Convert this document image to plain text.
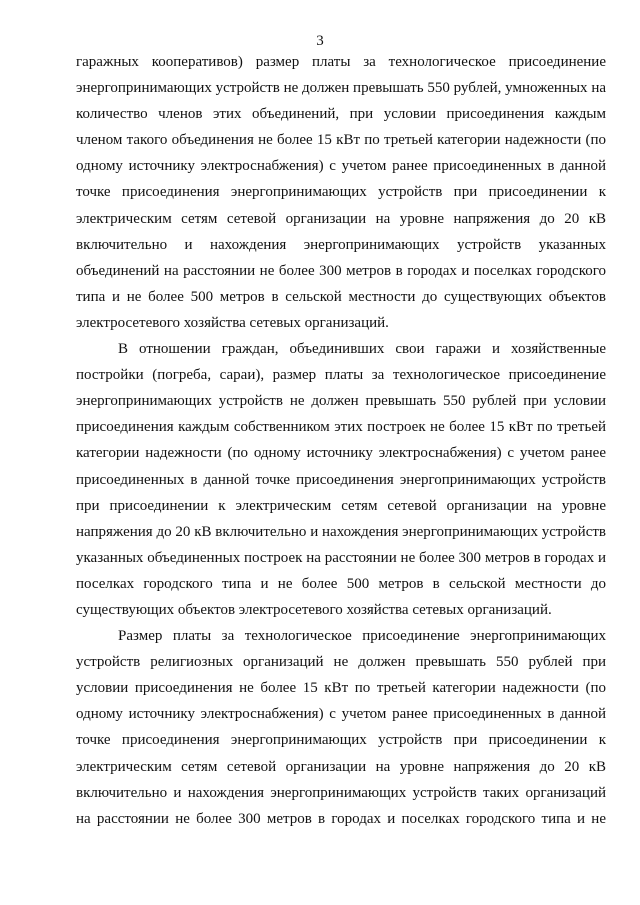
3

гаражных кооперативов) размер платы за технологическое присоединение энергопринимающих устройств не должен превышать 550 рублей, умноженных на количество членов этих объединений, при условии присоединения каждым членом такого объединения не более 15 кВт по третьей категории надежности (по одному источнику электроснабжения) с учетом ранее присоединенных в данной точке присоединения энергопринимающих устройств при присоединении к электрическим сетям сетевой организации на уровне напряжения до 20 кВ включительно и нахождения энергопринимающих устройств указанных объединений на расстоянии не более 300 метров в городах и поселках городского типа и не более 500 метров в сельской местности до существующих объектов электросетевого хозяйства сетевых организаций.

В отношении граждан, объединивших свои гаражи и хозяйственные постройки (погреба, сараи), размер платы за технологическое присоединение энергопринимающих устройств не должен превышать 550 рублей при условии присоединения каждым собственником этих построек не более 15 кВт по третьей категории надежности (по одному источнику электроснабжения) с учетом ранее присоединенных в данной точке присоединения энергопринимающих устройств при присоединении к электрическим сетям сетевой организации на уровне напряжения до 20 кВ включительно и нахождения энергопринимающих устройств указанных объединенных построек на расстоянии не более 300 метров в городах и поселках городского типа и не более 500 метров в сельской местности до существующих объектов электросетевого хозяйства сетевых организаций.

Размер платы за технологическое присоединение энергопринимающих устройств религиозных организаций не должен превышать 550 рублей при условии присоединения не более 15 кВт по третьей категории надежности (по одному источнику электроснабжения) с учетом ранее присоединенных в данной точке присоединения энергопринимающих устройств при присоединении к электрическим сетям сетевой организации на уровне напряжения до 20 кВ включительно и нахождения энергопринимающих устройств таких организаций на расстоянии не более 300 метров в городах и поселках городского типа и не
